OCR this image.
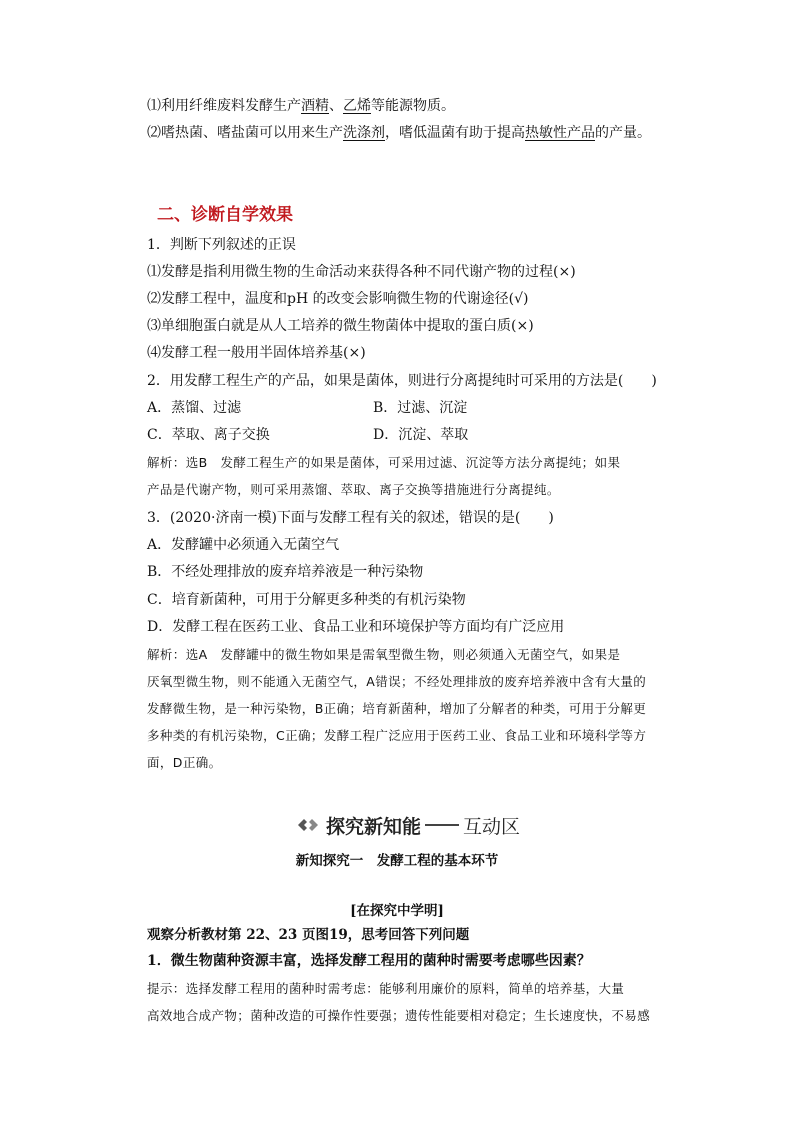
⑴利用纤维废料发酵生产酒精、乙烯等能源物质。
⑵嗜热菌、嗜盐菌可以用来生产洗涤剂，嗜低温菌有助于提高热敏性产品的产量。
二、诊断自学效果
1．判断下列叙述的正误
⑴发酵是指利用微生物的生命活动来获得各种不同代谢产物的过程(×)
⑵发酵工程中，温度和pH 的改变会影响微生物的代谢途径(√)
⑶单细胞蛋白就是从人工培养的微生物菌体中提取的蛋白质(×)
⑷发酵工程一般用半固体培养基(×)
2．用发酵工程生产的产品，如果是菌体，则进行分离提纯时可采用的方法是(　　)
A．蒸馏、过滤	B．过滤、沉淀
C．萃取、离子交换	D．沉淀、萃取
解析：选B　发酵工程生产的如果是菌体，可采用过滤、沉淀等方法分离提纯；如果
产品是代谢产物，则可采用蒸馏、萃取、离子交换等措施进行分离提纯。
3．(2020·济南一模)下面与发酵工程有关的叙述，错误的是(　　)
A．发酵罐中必须通入无菌空气
B．不经处理排放的废弃培养液是一种污染物
C．培育新菌种，可用于分解更多种类的有机污染物
D．发酵工程在医药工业、食品工业和环境保护等方面均有广泛应用
解析：选A　发酵罐中的微生物如果是需氧型微生物，则必须通入无菌空气，如果是
厌氧型微生物，则不能通入无菌空气，A错误；不经处理排放的废弃培养液中含有大量的
发酵微生物，是一种污染物，B正确；培育新菌种，增加了分解者的种类，可用于分解更
多种类的有机污染物，C正确；发酵工程广泛应用于医药工业、食品工业和环境科学等方
面，D正确。
探究新知能 互动区
新知探究一　发酵工程的基本环节
[在探究中学明]
观察分析教材第 22、23 页图19，思考回答下列问题
1．微生物菌种资源丰富，选择发酵工程用的菌种时需要考虑哪些因素？
提示：选择发酵工程用的菌种时需考虑：能够利用廉价的原料，简单的培养基，大量
高效地合成产物；菌种改造的可操作性要强；遗传性能要相对稳定；生长速度快，不易感
